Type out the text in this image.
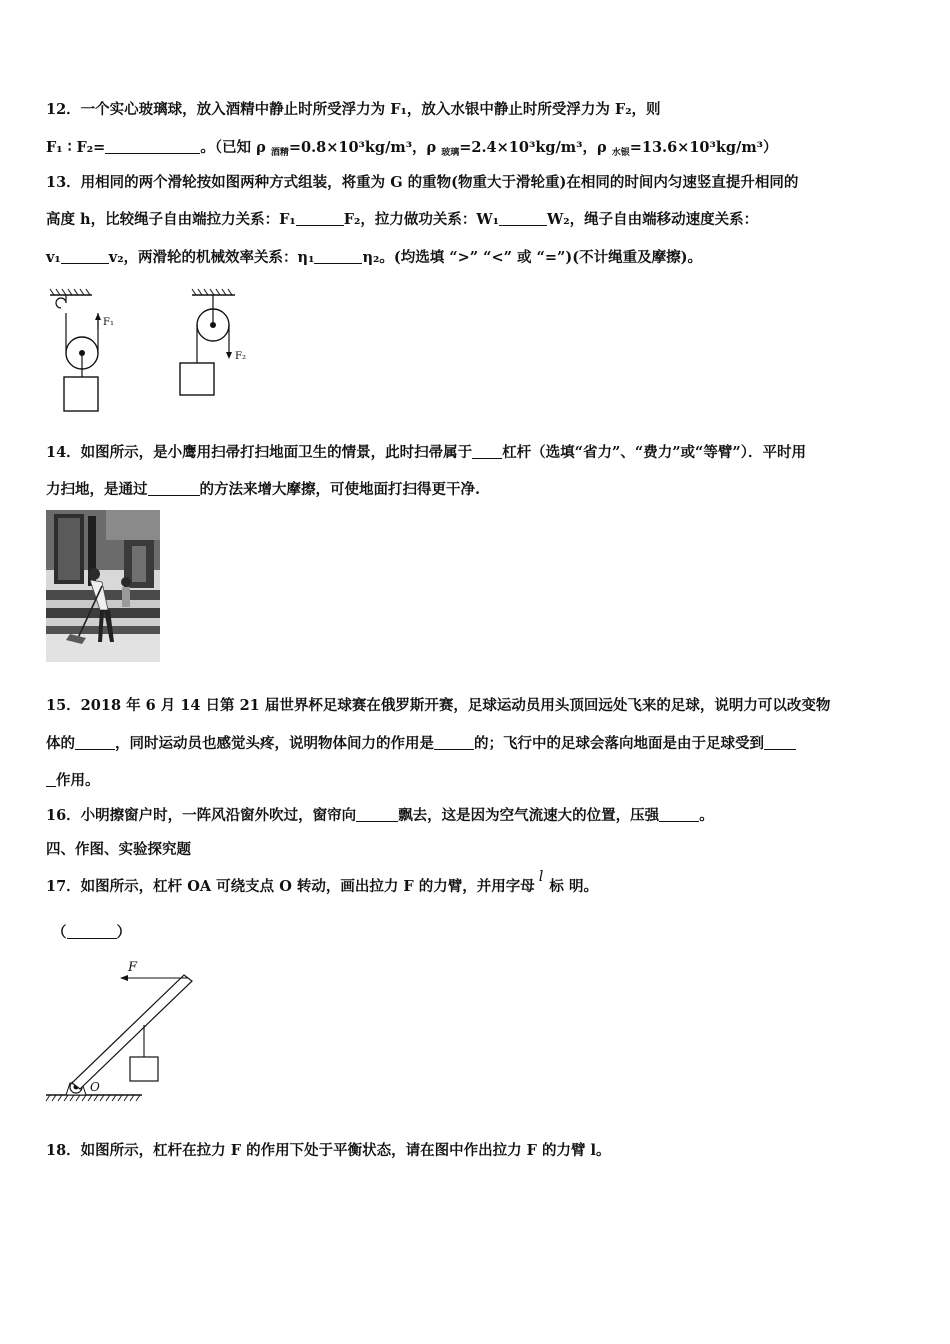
12．一个实心玻璃球，放入酒精中静止时所受浮力为 F₁，放入水银中静止时所受浮力为 F₂，则
F₁ ∶ F₂=	。（已知 ρ $_{酒精}$=0.8×10³kg/m³，ρ $_{玻璃}$=2.4×10³kg/m³，ρ $_{水银}$=13.6×10³kg/m³）
13．用相同的两个滑轮按如图两种方式组装，将重为 G 的重物(物重大于滑轮重)在相同的时间内匀速竖直提升相同的
高度 h，比较绳子自由端拉力关系：F₁	F₂，拉力做功关系：W₁	W₂，绳子自由端移动速度关系：
v₁	v₂，两滑轮的机械效率关系：η₁	η₂。(均选填 “>” “<” 或 “=”)(不计绳重及摩擦)。
F₁
F₂
14．如图所示，是小鹰用扫帚打扫地面卫生的情景，此时扫帚属于 杠杆（选填“省力”、“费力”或“等臂”）．平时用
力扫地，是通过	的方法来增大摩擦，可使地面打扫得更干净.
15．2018 年 6 月 14 日第 21 届世界杯足球赛在俄罗斯开赛，足球运动员用头顶回远处飞来的足球，说明力可以改变物
体的	，同时运动员也感觉头疼，说明物体间力的作用是	的；飞行中的足球会落向地面是由于足球受到
作用。
16．小明擦窗户时，一阵风沿窗外吹过，窗帘向	飘去，这是因为空气流速大的位置，压强	。
四、作图、实验探究题
17．如图所示，杠杆 OA 可绕支点 O 转动，画出拉力 F 的力臂，并用字母l标 明。
（	）
O
F
18．如图所示，杠杆在拉力 F 的作用下处于平衡状态，请在图中作出拉力 F 的力臂 l。
